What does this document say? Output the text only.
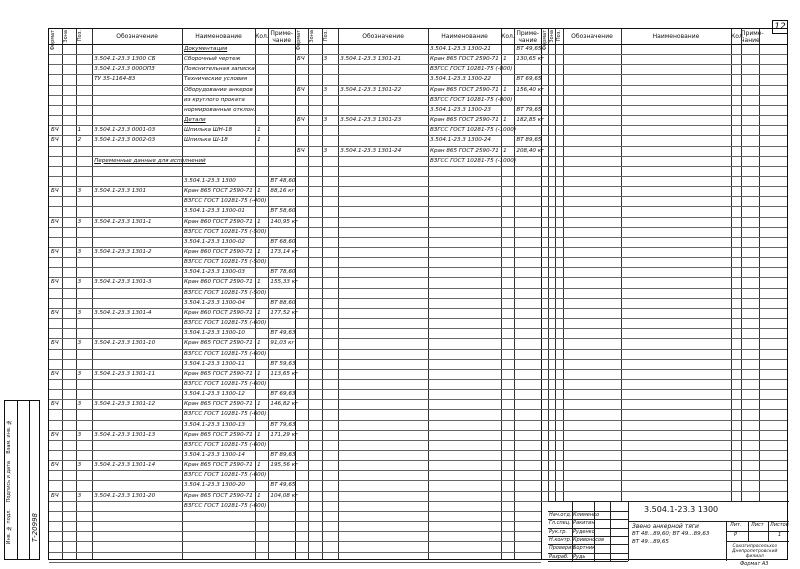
12
Инв. № подл.
Подпись и дата
Взам. инв. №
Т-20998
Формат Зона Поз.	Обозначение	Наименование	Кол. Приме-чание
Документация
3.504.1-23.3 1300 СБ	Сборочный чертеж
3.504.1-23.3 000ОПЗ	Пояснительная записка
ТУ 35-1164-83	Технические условия
Оборудование анкеров
из круглого проката
нормированные отклон.
Детали
БЧ	1 3.504.1-23.3 0001-03	Шпилька ШН-18	1
БЧ	2 3.504.1-23.3 0002-03	Шпилька Ш-18	1
Переменные данные для исполнений
3.504.1-23.3 1300	ВТ 48,60
БЧ	3 3.504.1-23.3 1301	Кран 865 ГОСТ 2590-71 1 88,16 кг
ВЗГСС ГОСТ 10281-75 (-400)
3.504.1-23.3 1300-01	ВТ 58,60
БЧ	3 3.504.1-23.3 1301-1	Кран 860 ГОСТ 2590-71 1 140,95 кг
ВЗГСС ГОСТ 10281-75 (-500)
3.504.1-23.3 1300-02	ВТ 68,60
БЧ	3 3.504.1-23.3 1301-2	Кран 860 ГОСТ 2590-71 1 173,14 кг
ВЗГСС ГОСТ 10281-75 (-500)
3.504.1-23.3 1300-03	ВТ 78,60
БЧ	3 3.504.1-23.3 1301-3	Кран 860 ГОСТ 2590-71 1 155,33 кг
ВЗГСС ГОСТ 10281-75 (-500)
3.504.1-23.3 1300-04	ВТ 88,60
БЧ	3 3.504.1-23.3 1301-4	Кран 860 ГОСТ 2590-71 1 177,52 кг
ВЗГСС ГОСТ 10281-75 (-600)
3.504.1-23.3 1300-10	ВТ 49,63
БЧ	3 3.504.1-23.3 1301-10	Кран 865 ГОСТ 2590-71 1 91,03 кг
ВЗГСС ГОСТ 10281-75 (-600)
3.504.1-23.3 1300-11	ВТ 59,63
БЧ	3 3.504.1-23.3 1301-11	Кран 865 ГОСТ 2590-71 1 113,65 кг
ВЗГСС ГОСТ 10281-75 (-600)
3.504.1-23.3 1300-12	ВТ 69,63
БЧ	3 3.504.1-23.3 1301-12	Кран 865 ГОСТ 2590-71 1 146,82 кг
ВЗГСС ГОСТ 10281-75 (-600)
3.504.1-23.3 1300-13	ВТ 79,63
БЧ	3 3.504.1-23.3 1301-13	Кран 865 ГОСТ 2590-71 1 171,29 кг
ВЗГСС ГОСТ 10281-75 (-600)
3.504.1-23.3 1300-14	ВТ 89,63
БЧ	3 3.504.1-23.3 1301-14	Кран 865 ГОСТ 2590-71 1 195,56 кг
ВЗГСС ГОСТ 10281-75 (-600)
3.504.1-23.3 1300-20	ВТ 49,65
БЧ	3 3.504.1-23.3 1301-20	Кран 865 ГОСТ 2590-71 1 104,08 кг
ВЗГСС ГОСТ 10281-75 (-600)
Формат Зона Поз.	Обозначение	Наименование	Кол. Приме-чание
3.504.1-23.3 1300-21	ВТ 49,65
БЧ	3 3.504.1-23.3 1301-21	Кран 865 ГОСТ 2590-71 1 130,65 кг
ВЗГСС ГОСТ 10281-75 (-800)
3.504.1-23.3 1300-22	ВТ 69,65
БЧ	3 3.504.1-23.3 1301-22	Кран 865 ГОСТ 2590-71 1 156,40 кг
ВЗГСС ГОСТ 10281-75 (-800)
3.504.1-23.3 1300-23	ВТ 79,65
БЧ	3 3.504.1-23.3 1301-23	Кран 865 ГОСТ 2590-71 1 182,85 кг
ВЗГСС ГОСТ 10281-75 (-1000)
3.504.1-23.3 1300-24	ВТ 89,65
БЧ	3 3.504.1-23.3 1301-24	Кран 865 ГОСТ 2590-71 1 208,40 кг
ВЗГСС ГОСТ 10281-75 (-1000)
Формат Зона Поз.	Обозначение	Наименование	Кол.
Приме-чание
3.504.1-23.3 1300
Звено анкерной тяги
ВТ 48...89,60; ВТ 49...89,63
ВТ 49...89,65
Лит. Лист Листов
Р	1
Союзгипросельхоз
Днепропетровский
филиал
Нач.отд. Клименко
Гл.спец. Ракитин
Рук.гр. Руденко
Н.контр. Кривоносов
Проверил
Бортник
Разраб. Рудь
Формат А3
